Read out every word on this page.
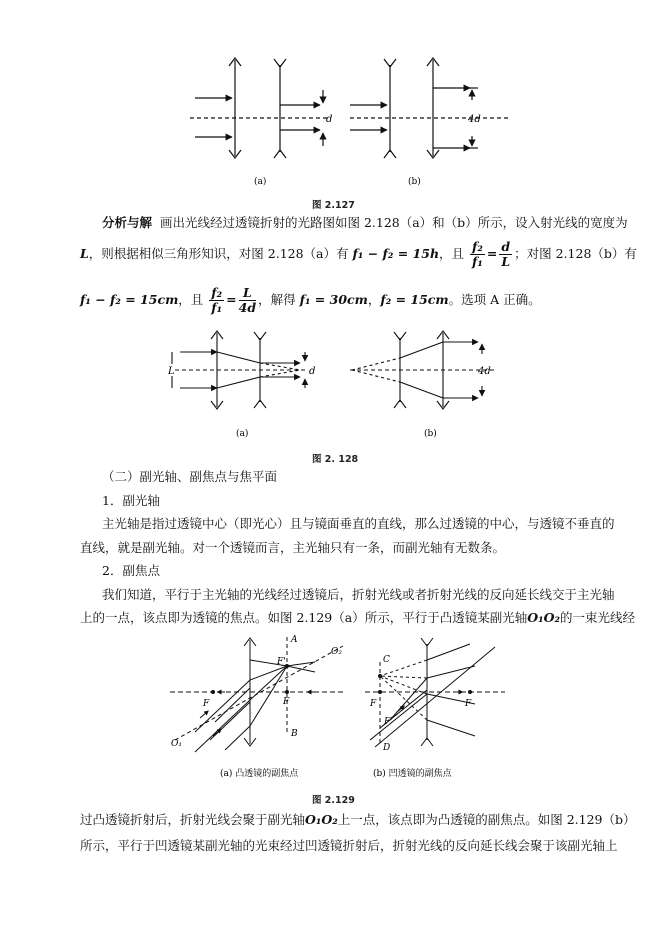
d	4d
(a)	(b)
图 2.127
分析与解 画出光线经过透镜折射的光路图如图 2.128（a）和（b）所示，设入射光线的宽度为
L，则根据相似三角形知识，对图 2.128（a）有 f₁ − f₂ = 15h，且 $\frac{\text{f₂}}{\text{f₁}} = \frac{d}{L}$ ；对图 2.128（b）有
f₁ − f₂ = 15cm，且 $\frac{\text{f₂}}{\text{f₁}} = \frac{L}{4d}$ ，解得 f₁ = 30cm，f₂ = 15cm。选项 A 正确。
L	d	4d
(a)	(b)
图 2. 128
（二）副光轴、副焦点与焦平面
1．副光轴
主光轴是指过透镜中心（即光心）且与镜面垂直的直线，那么过透镜的中心，与透镜不垂直的
直线，就是副光轴。对一个透镜而言，主光轴只有一条，而副光轴有无数条。
2．副焦点
我们知道，平行于主光轴的光线经过透镜后，折射光线或者折射光线的反向延长线交于主光轴
上的一点，该点即为透镜的焦点。如图 2.129（a）所示，平行于凸透镜某副光轴O₁O₂的一束光线经
A
O₂
F'
F	F
B
O₁
C
F
F'
F
D
(a) 凸透镜的副焦点	(b) 凹透镜的副焦点
图 2.129
过凸透镜折射后，折射光线会聚于副光轴O₁O₂上一点，该点即为凸透镜的副焦点。如图 2.129（b）
所示，平行于凹透镜某副光轴的光束经过凹透镜折射后，折射光线的反向延长线会聚于该副光轴上
